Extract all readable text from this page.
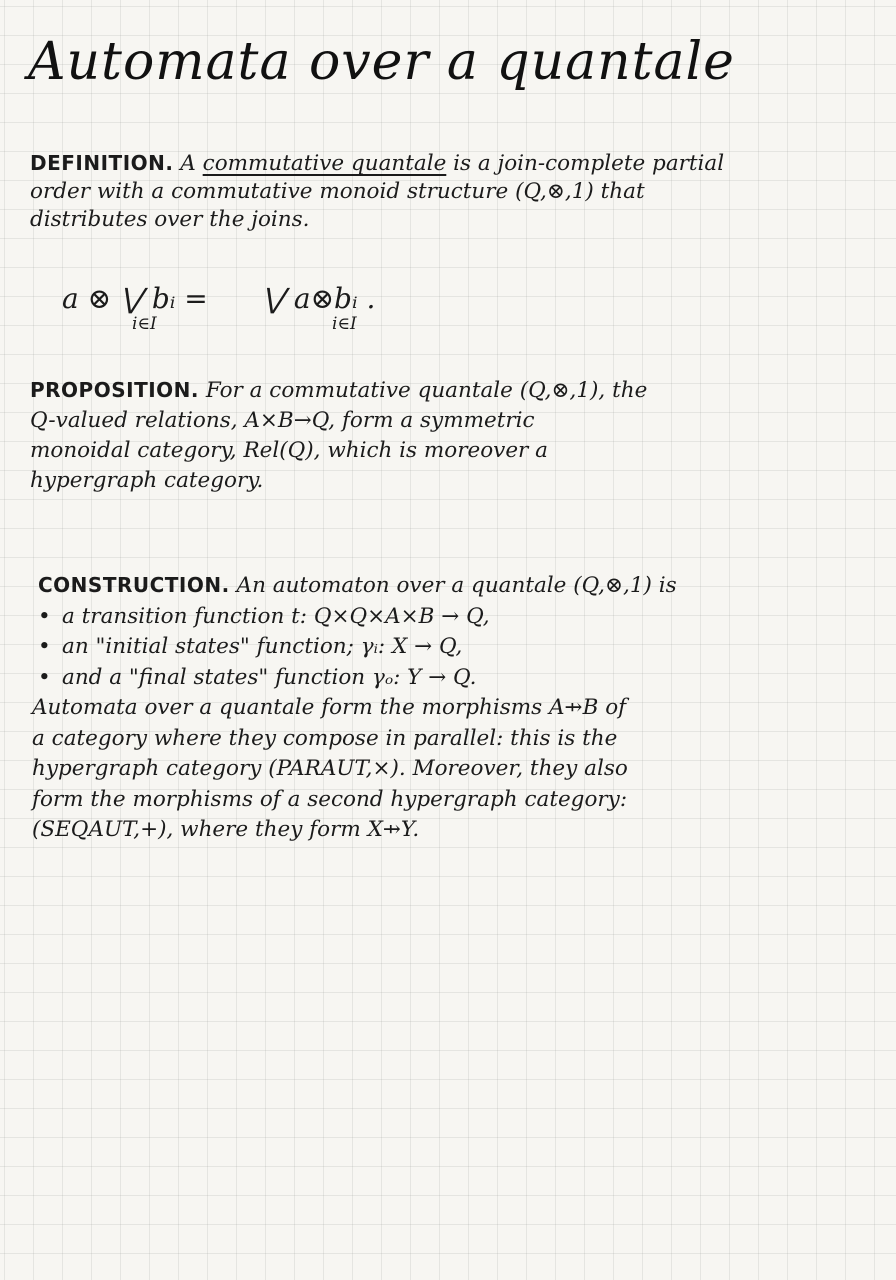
Automata over a quantale
DEFINITION. A commutative quantale is a join-complete partial
order with a commutative monoid structure (Q,⊗,1) that
distributes over the joins.
a ⊗ ⋁ bᵢ =
i∈I
⋁ a⊗bᵢ .
i∈I
PROPOSITION. For a commutative quantale (Q,⊗,1), the
Q-valued relations, A×B→Q, form a symmetric
monoidal category, Rel(Q), which is moreover a
hypergraph category.
CONSTRUCTION. An automaton over a quantale (Q,⊗,1) is
• a transition function t: Q×Q×A×B → Q,
• an "initial states" function; γᵢ: X → Q,
• and a "final states" function γₒ: Y → Q.
Automata over a quantale form the morphisms A⇸B of
a category where they compose in parallel: this is the
hypergraph category (PARAUT,×). Moreover, they also
form the morphisms of a second hypergraph category:
(SEQAUT,+), where they form X⇸Y.
